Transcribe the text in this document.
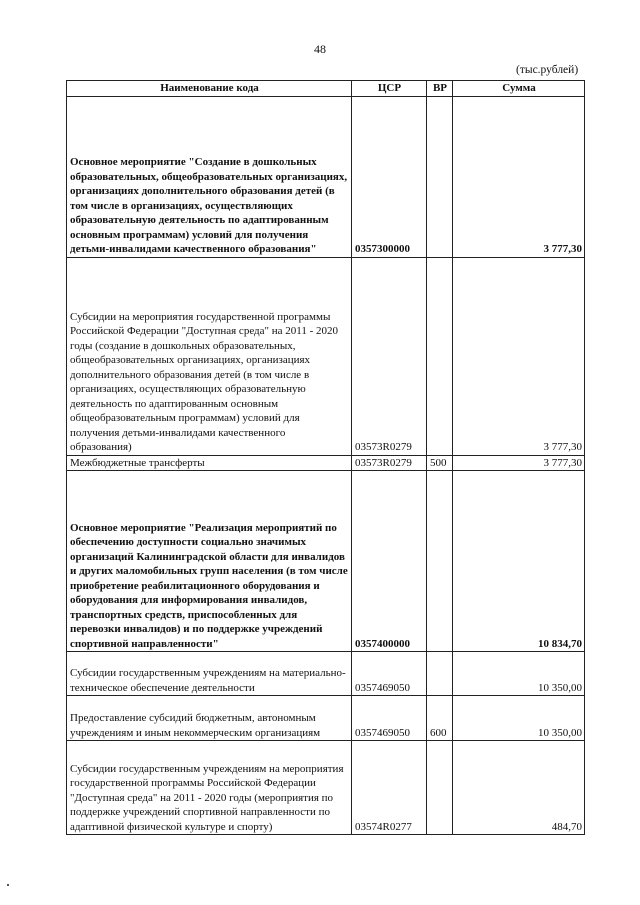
48
(тыс.рублей)
Наименование кода	ЦСР	ВР	Сумма
Основное мероприятие "Создание в дошкольных образовательных, общеобразовательных организациях, организациях дополнительного образования детей (в том числе в организациях, осуществляющих образовательную деятельность по адаптированным основным программам) условий для получения детьми-инвалидами качественного образования"	0357300000		3 777,30
Субсидии на мероприятия государственной программы Российской Федерации "Доступная среда" на 2011 - 2020 годы (создание в дошкольных образовательных, общеобразовательных организациях, организациях дополнительного образования детей (в том числе в организациях, осуществляющих образовательную деятельность по адаптированным основным общеобразовательным программам) условий для получения детьми-инвалидами качественного образования)	03573R0279		3 777,30
Межбюджетные трансферты	03573R0279	500	3 777,30
Основное мероприятие "Реализация мероприятий по обеспечению доступности социально значимых организаций Калининградской области для инвалидов и других маломобильных групп населения (в том числе приобретение реабилитационного оборудования и оборудования для информирования инвалидов, транспортных средств, приспособленных для перевозки инвалидов) и по поддержке учреждений спортивной направленности"	0357400000		10 834,70
Субсидии государственным учреждениям на материально-техническое обеспечение деятельности	0357469050		10 350,00
Предоставление субсидий бюджетным, автономным учреждениям и иным некоммерческим организациям	0357469050	600	10 350,00
Субсидии государственным учреждениям на мероприятия государственной программы Российской Федерации "Доступная среда" на 2011 - 2020 годы (мероприятия по поддержке учреждений спортивной направленности по адаптивной физической культуре и спорту)	03574R0277		484,70
